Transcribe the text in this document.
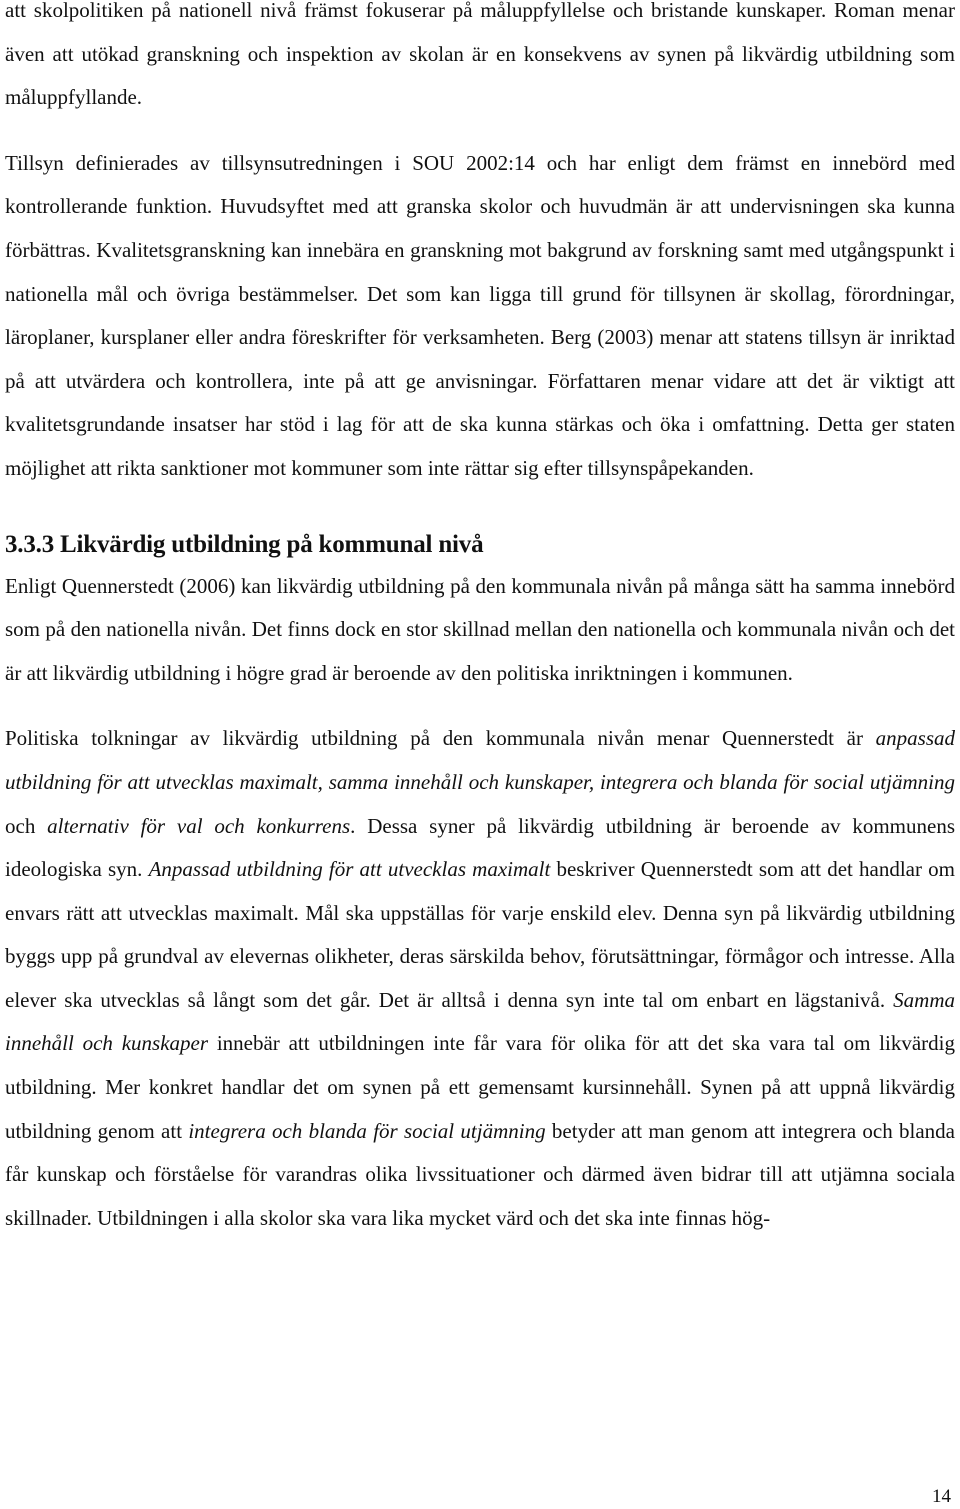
att skolpolitiken på nationell nivå främst fokuserar på måluppfyllelse och bristande kunskaper. Roman menar även att utökad granskning och inspektion av skolan är en konsekvens av synen på likvärdig utbildning som måluppfyllande.

Tillsyn definierades av tillsynsutredningen i SOU 2002:14 och har enligt dem främst en innebörd med kontrollerande funktion. Huvudsyftet med att granska skolor och huvudmän är att undervisningen ska kunna förbättras. Kvalitetsgranskning kan innebära en granskning mot bakgrund av forskning samt med utgångspunkt i nationella mål och övriga bestämmelser. Det som kan ligga till grund för tillsynen är skollag, förordningar, läroplaner, kursplaner eller andra föreskrifter för verksamheten. Berg (2003) menar att statens tillsyn är inriktad på att utvärdera och kontrollera, inte på att ge anvisningar. Författaren menar vidare att det är viktigt att kvalitetsgrundande insatser har stöd i lag för att de ska kunna stärkas och öka i omfattning. Detta ger staten möjlighet att rikta sanktioner mot kommuner som inte rättar sig efter tillsynspåpekanden.

3.3.3 Likvärdig utbildning på kommunal nivå

Enligt Quennerstedt (2006) kan likvärdig utbildning på den kommunala nivån på många sätt ha samma innebörd som på den nationella nivån. Det finns dock en stor skillnad mellan den nationella och kommunala nivån och det är att likvärdig utbildning i högre grad är beroende av den politiska inriktningen i kommunen.

Politiska tolkningar av likvärdig utbildning på den kommunala nivån menar Quennerstedt är anpassad utbildning för att utvecklas maximalt, samma innehåll och kunskaper, integrera och blanda för social utjämning och alternativ för val och konkurrens. Dessa syner på likvärdig utbildning är beroende av kommunens ideologiska syn. Anpassad utbildning för att utvecklas maximalt beskriver Quennerstedt som att det handlar om envars rätt att utvecklas maximalt. Mål ska uppställas för varje enskild elev. Denna syn på likvärdig utbildning byggs upp på grundval av elevernas olikheter, deras särskilda behov, förutsättningar, förmågor och intresse. Alla elever ska utvecklas så långt som det går. Det är alltså i denna syn inte tal om enbart en lägstanivå. Samma innehåll och kunskaper innebär att utbildningen inte får vara för olika för att det ska vara tal om likvärdig utbildning. Mer konkret handlar det om synen på ett gemensamt kursinnehåll. Synen på att uppnå likvärdig utbildning genom att integrera och blanda för social utjämning betyder att man genom att integrera och blanda får kunskap och förståelse för varandras olika livssituationer och därmed även bidrar till att utjämna sociala skillnader. Utbildningen i alla skolor ska vara lika mycket värd och det ska inte finnas hög-

14
